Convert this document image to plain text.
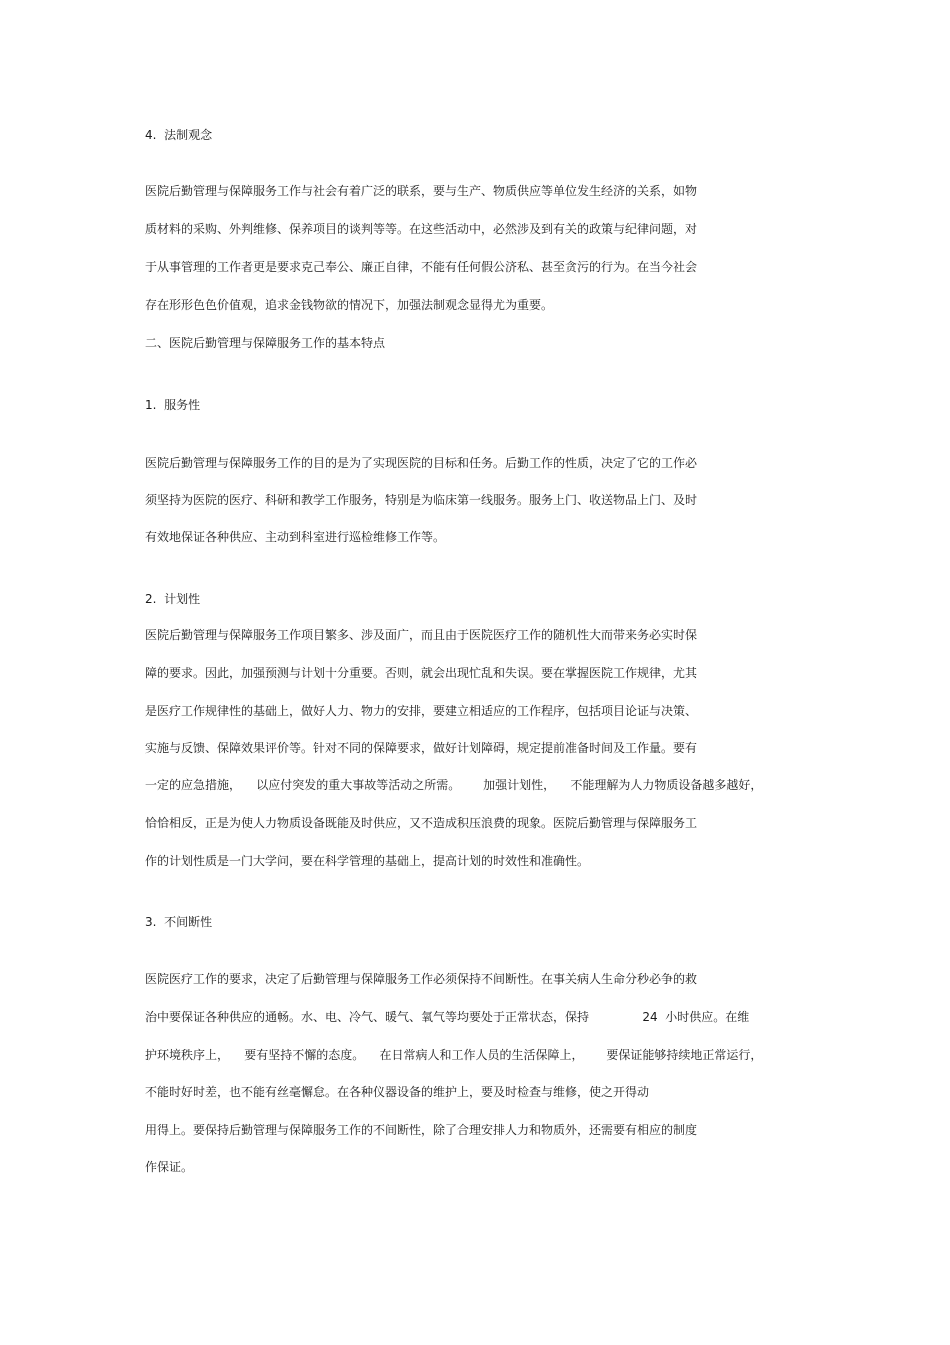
4.  法制观念
医院后勤管理与保障服务工作与社会有着广泛的联系，要与生产、物质供应等单位发生经济的关系，如物
质材料的采购、外判维修、保养项目的谈判等等。在这些活动中，必然涉及到有关的政策与纪律问题，对
于从事管理的工作者更是要求克己奉公、廉正自律，不能有任何假公济私、甚至贪污的行为。在当今社会
存在形形色色价值观，追求金钱物欲的情况下，加强法制观念显得尤为重要。
二、医院后勤管理与保障服务工作的基本特点
1.  服务性
医院后勤管理与保障服务工作的目的是为了实现医院的目标和任务。后勤工作的性质，决定了它的工作必
须坚持为医院的医疗、科研和教学工作服务，特别是为临床第一线服务。服务上门、收送物品上门、及时
有效地保证各种供应、主动到科室进行巡检维修工作等。
2.  计划性
医院后勤管理与保障服务工作项目繁多、涉及面广，而且由于医院医疗工作的随机性大而带来务必实时保
障的要求。因此，加强预测与计划十分重要。否则，就会出现忙乱和失误。要在掌握医院工作规律，尤其
是医疗工作规律性的基础上，做好人力、物力的安排，要建立相适应的工作程序，包括项目论证与决策、
实施与反馈、保障效果评价等。针对不同的保障要求，做好计划障碍，规定提前准备时间及工作量。要有
一定的应急措施，    以应付突发的重大事故等活动之所需。      加强计划性，    不能理解为人力物质设备越多越好，
恰恰相反，正是为使人力物质设备既能及时供应，又不造成积压浪费的现象。医院后勤管理与保障服务工
作的计划性质是一门大学问，要在科学管理的基础上，提高计划的时效性和准确性。
3.  不间断性
医院医疗工作的要求，决定了后勤管理与保障服务工作必须保持不间断性。在事关病人生命分秒必争的救
治中要保证各种供应的通畅。水、电、冷气、暖气、氧气等均要处于正常状态，保持              24  小时供应。在维
护环境秩序上，    要有坚持不懈的态度。    在日常病人和工作人员的生活保障上，      要保证能够持续地正常运行，
不能时好时差，也不能有丝毫懈怠。在各种仪器设备的维护上，要及时检查与维修，使之开得动
用得上。要保持后勤管理与保障服务工作的不间断性，除了合理安排人力和物质外，还需要有相应的制度
作保证。
